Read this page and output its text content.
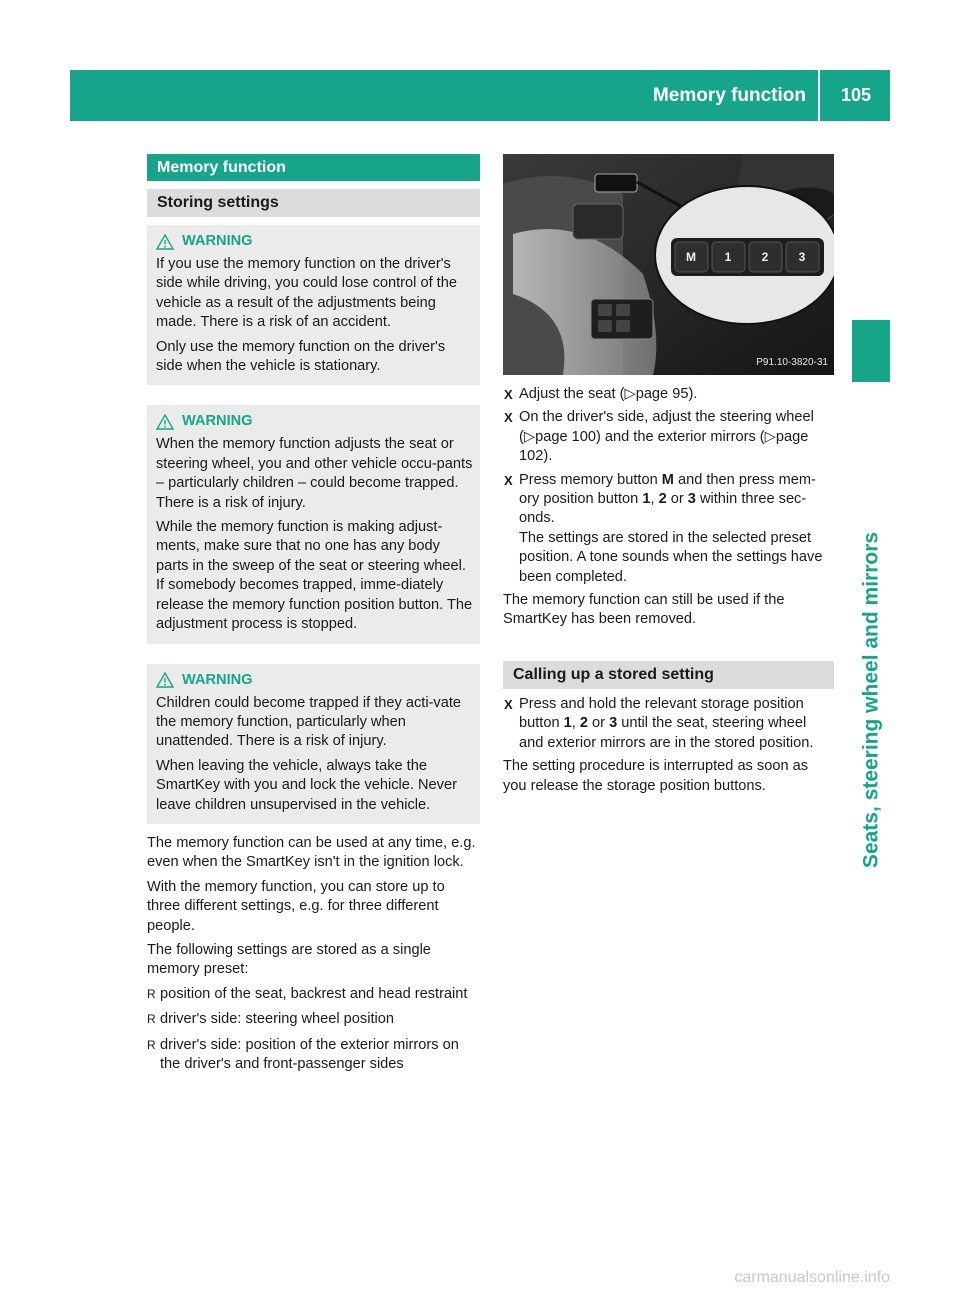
Memory function	105
Seats, steering wheel and mirrors
Memory function
Storing settings
WARNING

If you use the memory function on the driver's side while driving, you could lose control of the vehicle as a result of the adjustments being made. There is a risk of an accident.

Only use the memory function on the driver's side when the vehicle is stationary.

WARNING

When the memory function adjusts the seat or steering wheel, you and other vehicle occu-pants – particularly children – could become trapped. There is a risk of injury.

While the memory function is making adjust-ments, make sure that no one has any body parts in the sweep of the seat or steering wheel. If somebody becomes trapped, imme-diately release the memory function position button. The adjustment process is stopped.

WARNING

Children could become trapped if they acti-vate the memory function, particularly when unattended. There is a risk of injury.

When leaving the vehicle, always take the SmartKey with you and lock the vehicle. Never leave children unsupervised in the vehicle.

The memory function can be used at any time, e.g. even when the SmartKey isn't in the ignition lock.

With the memory function, you can store up to three different settings, e.g. for three different people.

The following settings are stored as a single memory preset:

R position of the seat, backrest and head restraint
R driver's side: steering wheel position
R driver's side: position of the exterior mirrors on the driver's and front-passenger sides
M 1	2	3
P91.10-3820-31
X Adjust the seat (▷page 95).
X On the driver's side, adjust the steering wheel (▷page 100) and the exterior mirrors (▷page 102).
X Press memory button M and then press mem-ory position button 1, 2 or 3 within three sec-onds.
The settings are stored in the selected preset position. A tone sounds when the settings have been completed.

The memory function can still be used if the SmartKey has been removed.

Calling up a stored setting
X Press and hold the relevant storage position button 1, 2 or 3 until the seat, steering wheel and exterior mirrors are in the stored position.

The setting procedure is interrupted as soon as you release the storage position buttons.

carmanualsonline.info
